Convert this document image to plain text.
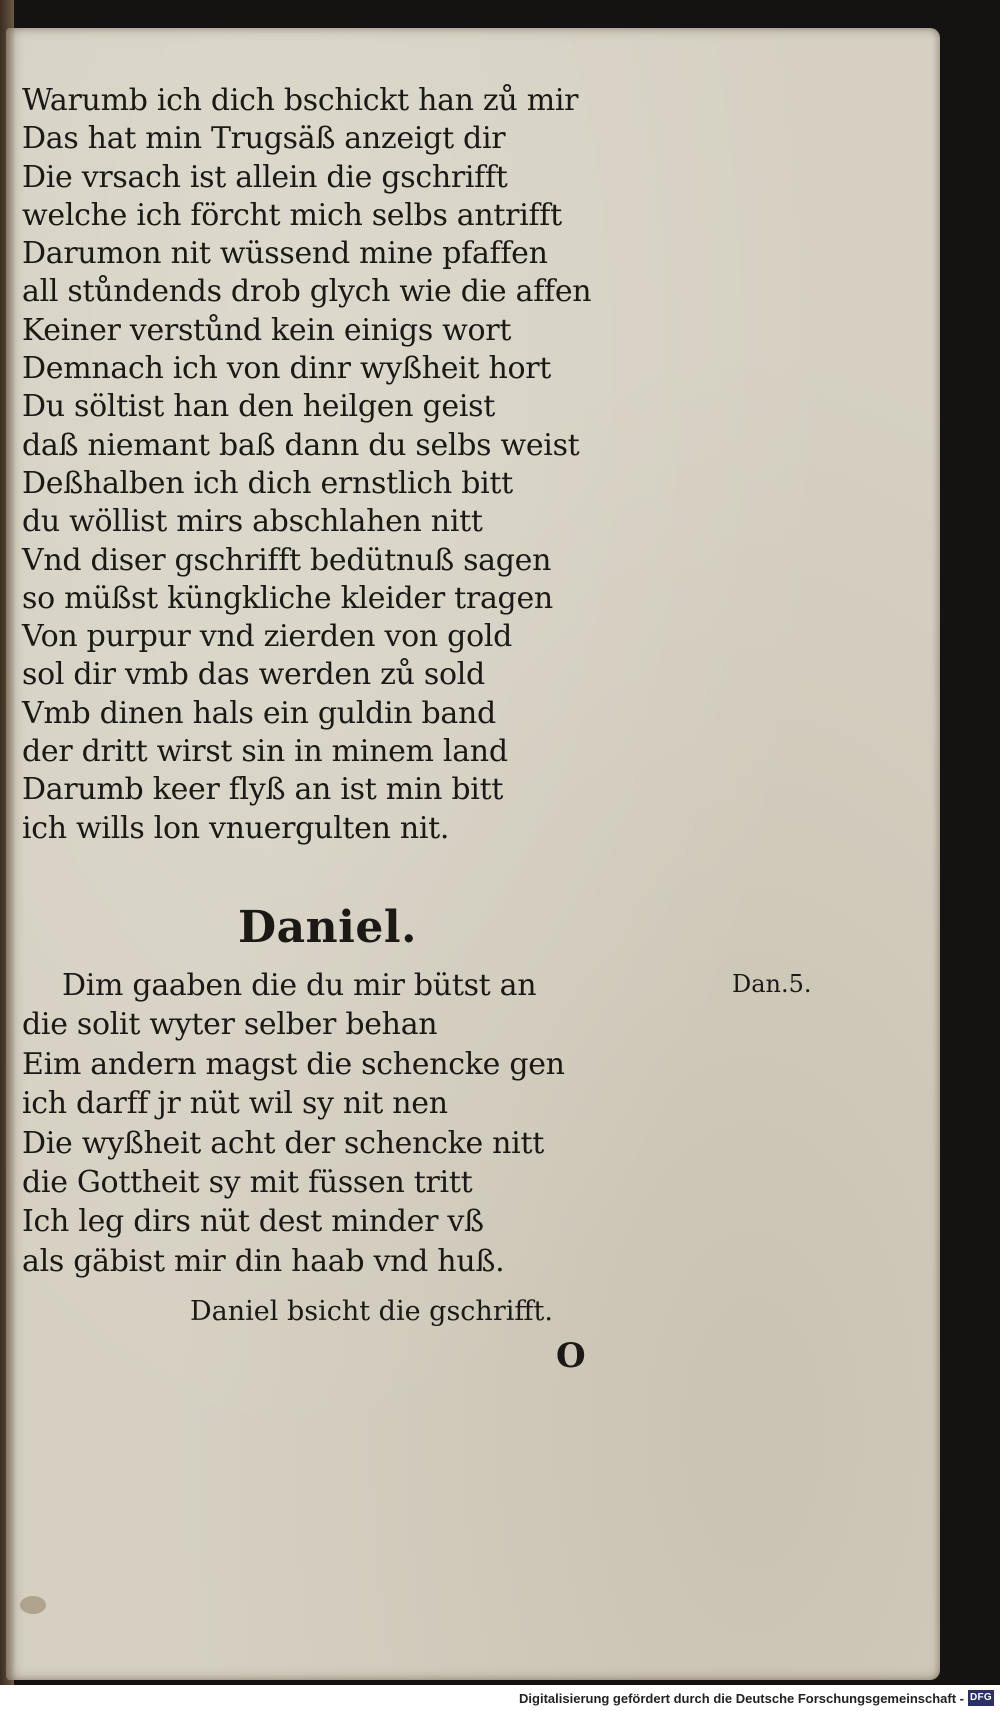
Warumb ich dich bschickt han zů mir
Das hat min Trugsäß anzeigt dir
Die vrsach ist allein die gschrifft
welche ich förcht mich selbs antrifft
Darumon nit wüssend mine pfaffen
all stůndends drob glych wie die affen
Keiner verstůnd kein einigs wort
Demnach ich von dinr wyßheit hort
Du söltist han den heilgen geist
daß niemant baß dann du selbs weist
Deßhalben ich dich ernstlich bitt
du wöllist mirs abschlahen nitt
Vnd diser gschrifft bedütnuß sagen
so müßst küngkliche kleider tragen
Von purpur vnd zierden von gold
sol dir vmb das werden zů sold
Vmb dinen hals ein guldin band
der dritt wirst sin in minem land
Darumb keer flyß an ist min bitt
ich wills lon vnuergulten nit.
Daniel.
Dim gaaben die du mir bütst an
die solit wyter selber behan
Eim andern magst die schencke gen
ich darff jr nüt wil sy nit nen
Die wyßheit acht der schencke nitt
die Gottheit sy mit füssen tritt
Ich leg dirs nüt dest minder vß
als gäbist mir din haab vnd huß.
Dan.5.
Daniel bsicht die gschrifft.
O
Digitalisierung gefördert durch die Deutsche Forschungsgemeinschaft - DFG
